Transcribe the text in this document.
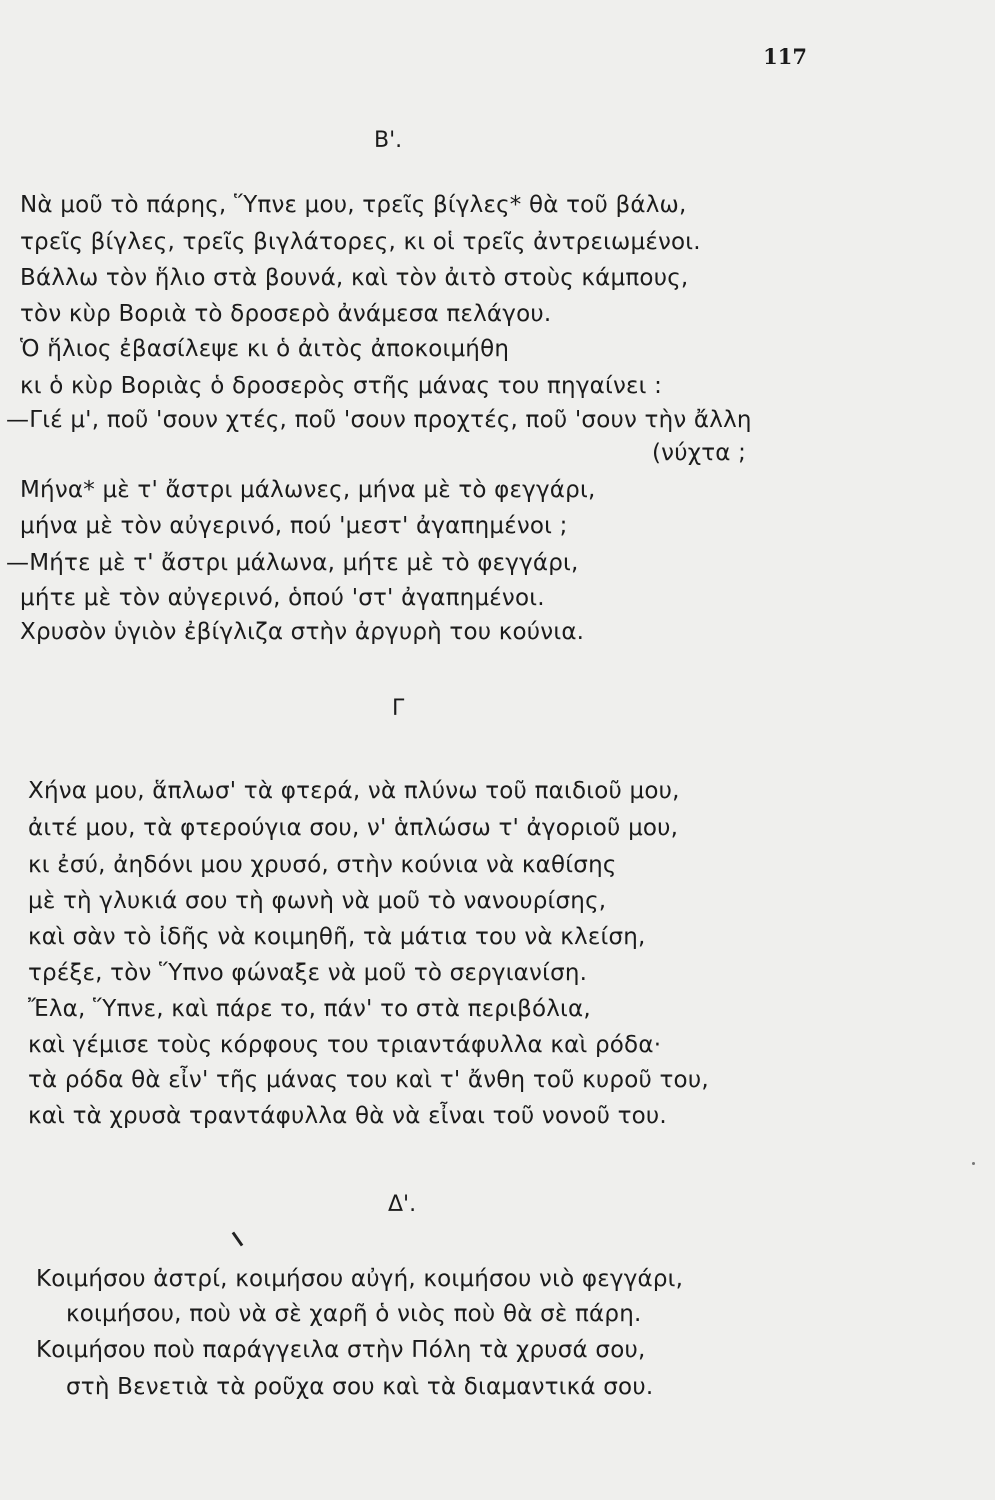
117
Β'.
Νὰ μοῦ τὸ πάρης, Ὕπνε μου, τρεῖς βίγλες* θὰ τοῦ βάλω,
τρεῖς βίγλες, τρεῖς βιγλάτορες, κι οἱ τρεῖς ἀντρειωμένοι.
Βάλλω τὸν ἥλιο στὰ βουνά, καὶ τὸν ἀιτὸ στοὺς κάμπους,
τὸν κὺρ Βοριὰ τὸ δροσερὸ ἀνάμεσα πελάγου.
Ὁ ἥλιος ἐβασίλεψε κι ὁ ἀιτὸς ἀποκοιμήθη
κι ὁ κὺρ Βοριὰς ὁ δροσερὸς στῆς μάνας του πηγαίνει :
—Γιέ μ', ποῦ 'σουν χτές, ποῦ 'σουν προχτές, ποῦ 'σουν τὴν ἄλλη
(νύχτα ;
Μήνα* μὲ τ' ἄστρι μάλωνες, μήνα μὲ τὸ φεγγάρι,
μήνα μὲ τὸν αὐγερινό, πού 'μεστ' ἀγαπημένοι ;
—Μήτε μὲ τ' ἄστρι μάλωνα, μήτε μὲ τὸ φεγγάρι,
μήτε μὲ τὸν αὐγερινό, ὁπού 'στ' ἀγαπημένοι.
Χρυσὸν ὑγιὸν ἐβίγλιζα στὴν ἀργυρὴ του κούνια.
Γ
Χήνα μου, ἅπλωσ' τὰ φτερά, νὰ πλύνω τοῦ παιδιοῦ μου,
ἀιτέ μου, τὰ φτερούγια σου, ν' ἁπλώσω τ' ἀγοριοῦ μου,
κι ἐσύ, ἀηδόνι μου χρυσό, στὴν κούνια νὰ καθίσης
μὲ τὴ γλυκιά σου τὴ φωνὴ νὰ μοῦ τὸ νανουρίσης,
καὶ σὰν τὸ ἰδῆς νὰ κοιμηθῆ, τὰ μάτια του νὰ κλείση,
τρέξε, τὸν Ὕπνο φώναξε νὰ μοῦ τὸ σεργιανίση.
Ἔλα, Ὕπνε, καὶ πάρε το, πάν' το στὰ περιβόλια,
καὶ γέμισε τοὺς κόρφους του τριαντάφυλλα καὶ ρόδα·
τὰ ρόδα θὰ εἶν' τῆς μάνας του καὶ τ' ἄνθη τοῦ κυροῦ του,
καὶ τὰ χρυσὰ τραντάφυλλα θὰ νὰ εἶναι τοῦ νονοῦ του.
Δ'.
Κοιμήσου ἀστρί, κοιμήσου αὐγή, κοιμήσου νιὸ φεγγάρι,
κοιμήσου, ποὺ νὰ σὲ χαρῆ ὁ νιὸς ποὺ θὰ σὲ πάρη.
Κοιμήσου ποὺ παράγγειλα στὴν Πόλη τὰ χρυσά σου,
στὴ Βενετιὰ τὰ ροῦχα σου καὶ τὰ διαμαντικά σου.
